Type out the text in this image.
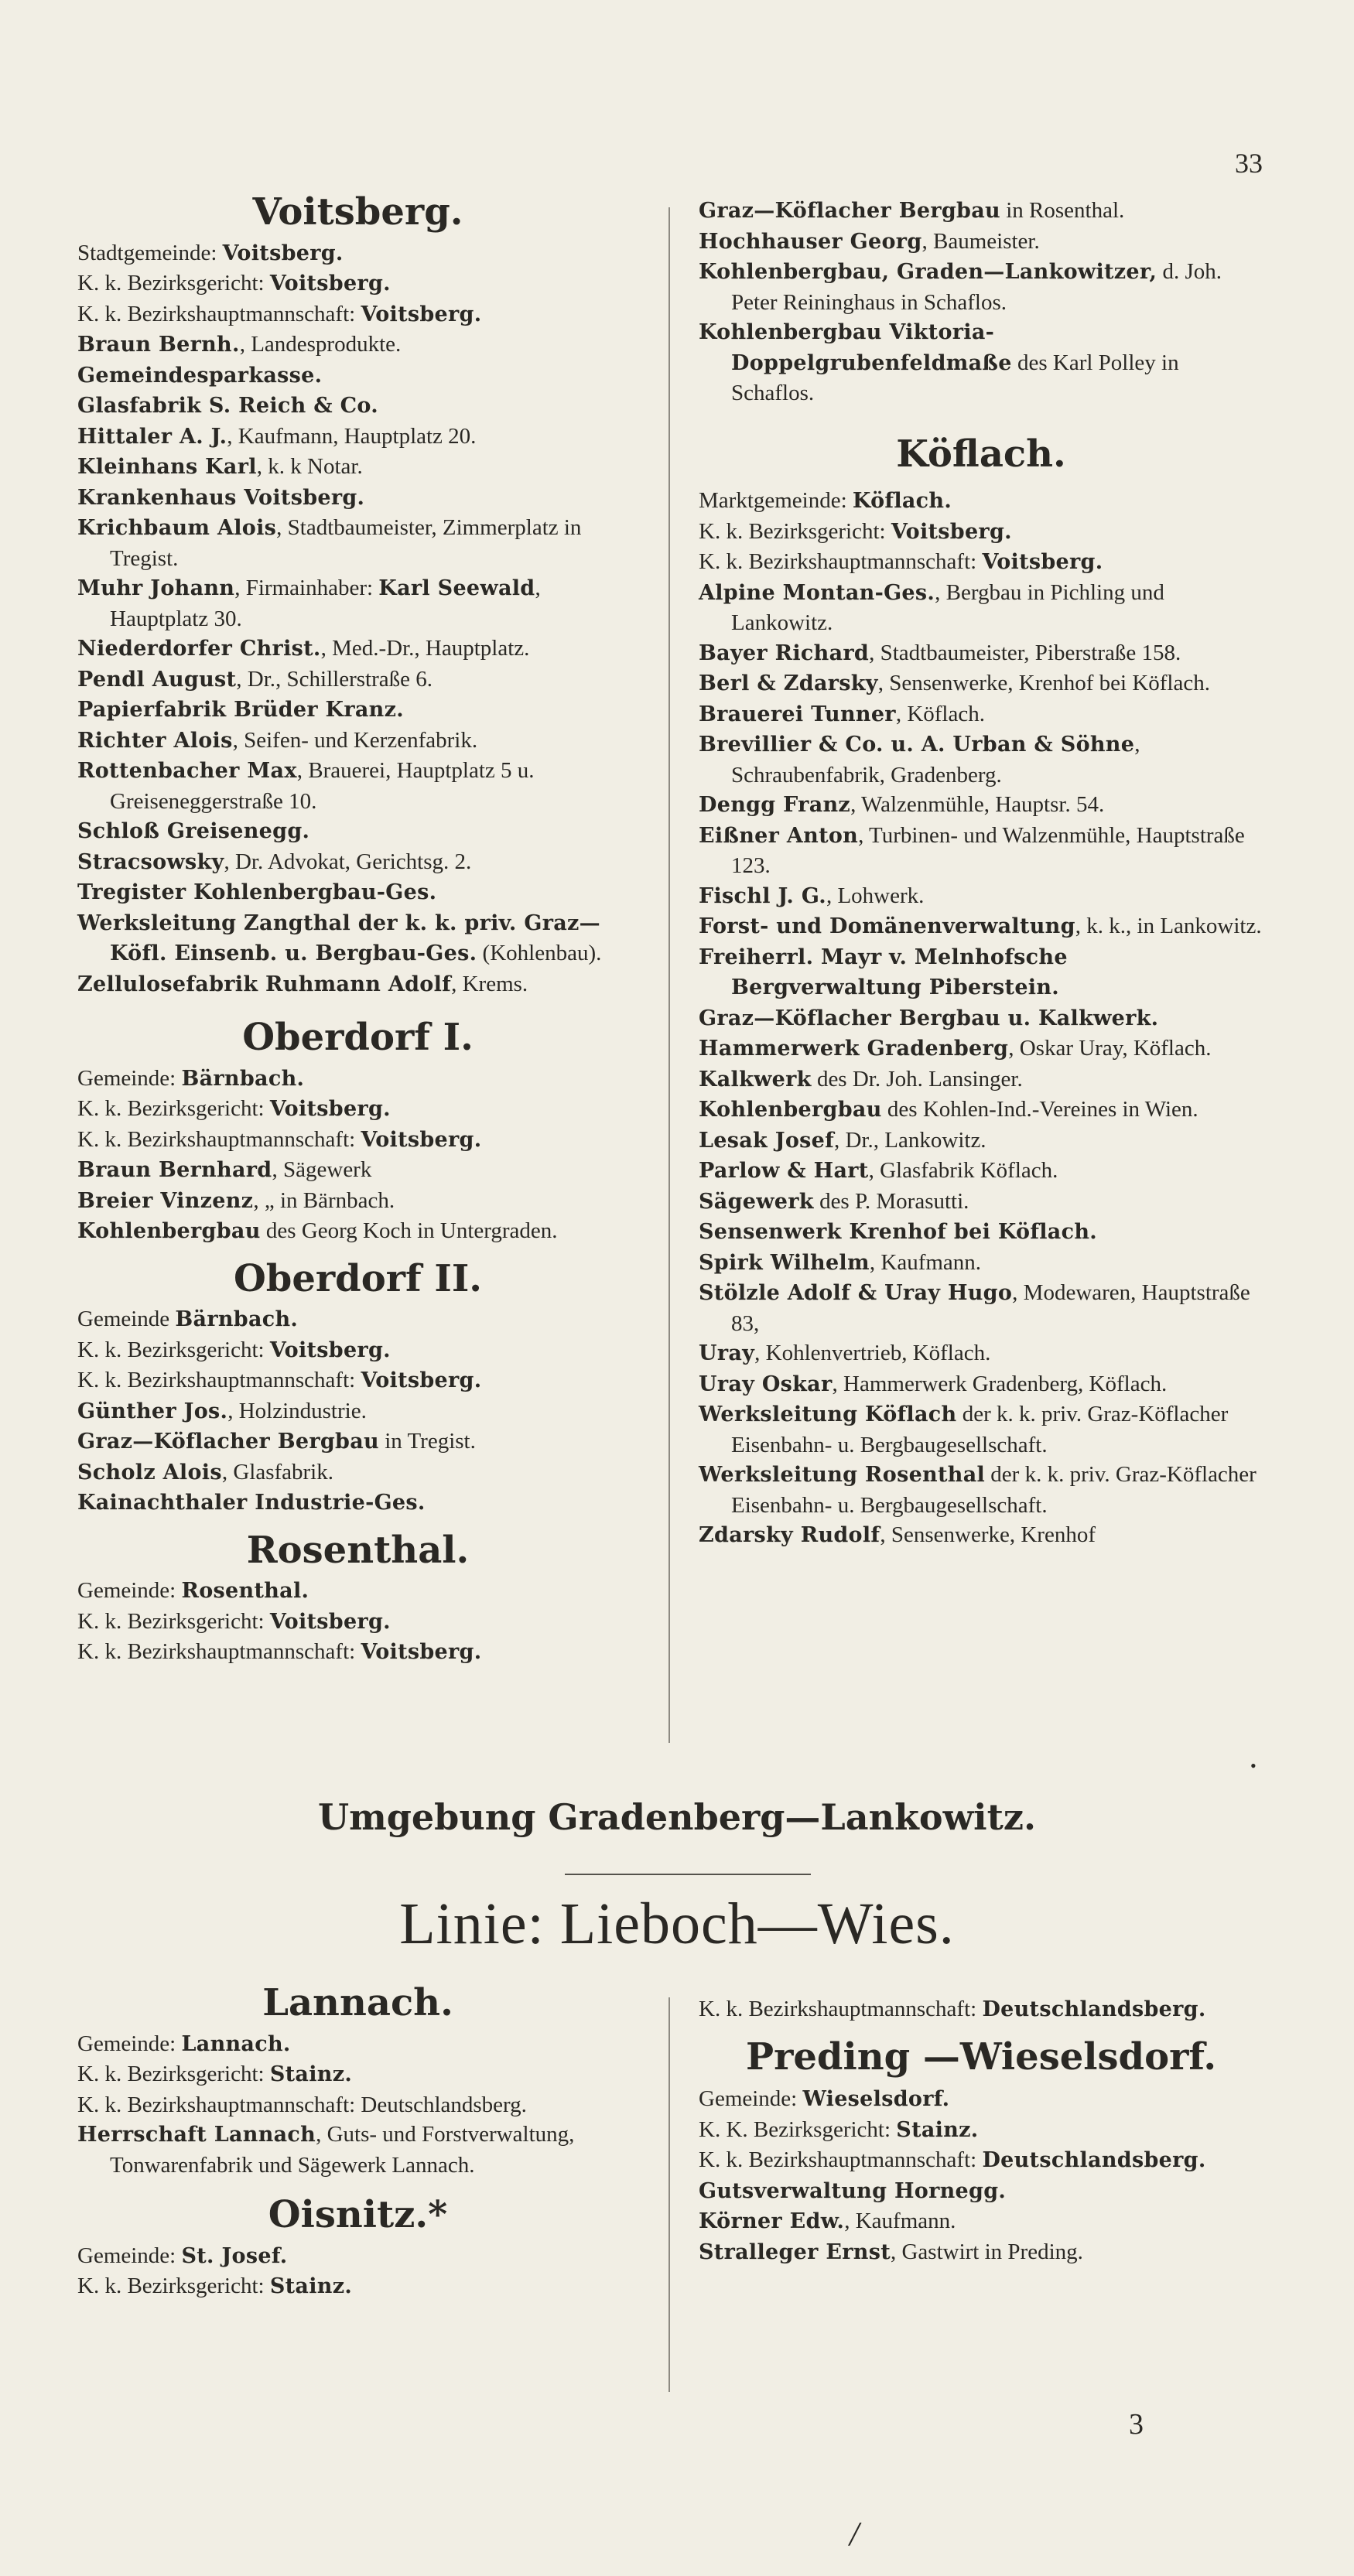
33
Voitsberg.

Stadtgemeinde: Voitsberg.

K. k. Bezirksgericht: Voitsberg.

K. k. Bezirkshauptmannschaft: Voitsberg.

Braun Bernh., Landesprodukte.

Gemeindesparkasse.

Glasfabrik S. Reich & Co.

Hittaler A. J., Kaufmann, Hauptplatz 20.

Kleinhans Karl, k. k Notar.

Krankenhaus Voitsberg.

Krichbaum Alois, Stadtbaumeister, Zimmerplatz in Tregist.

Muhr Johann, Firmainhaber: Karl Seewald, Hauptplatz 30.

Niederdorfer Christ., Med.-Dr., Hauptplatz.

Pendl August, Dr., Schillerstraße 6.

Papierfabrik Brüder Kranz.

Richter Alois, Seifen- und Kerzenfabrik.

Rottenbacher Max, Brauerei, Hauptplatz 5 u. Greiseneggerstraße 10.

Schloß Greisenegg.

Stracsowsky, Dr. Advokat, Gerichtsg. 2.

Tregister Kohlenbergbau-Ges.

Werksleitung Zangthal der k. k. priv. Graz—Köfl. Einsenb. u. Bergbau-Ges. (Kohlenbau).

Zellulosefabrik Ruhmann Adolf, Krems.

Oberdorf I.

Gemeinde: Bärnbach.

K. k. Bezirksgericht: Voitsberg.

K. k. Bezirkshauptmannschaft: Voitsberg.

Braun Bernhard, Sägewerk

Breier Vinzenz, „ in Bärnbach.

Kohlenbergbau des Georg Koch in Untergraden.

Oberdorf II.

Gemeinde Bärnbach.

K. k. Bezirksgericht: Voitsberg.

K. k. Bezirkshauptmannschaft: Voitsberg.

Günther Jos., Holzindustrie.

Graz—Köflacher Bergbau in Tregist.

Scholz Alois, Glasfabrik.

Kainachthaler Industrie-Ges.

Rosenthal.

Gemeinde: Rosenthal.

K. k. Bezirksgericht: Voitsberg.

K. k. Bezirkshauptmannschaft: Voitsberg.

Graz—Köflacher Bergbau in Rosenthal.

Hochhauser Georg, Baumeister.

Kohlenbergbau, Graden—Lankowitzer, d. Joh. Peter Reininghaus in Schaflos.

Kohlenbergbau Viktoria-Doppelgrubenfeldmaße des Karl Polley in Schaflos.

Köflach.

Marktgemeinde: Köflach.

K. k. Bezirksgericht: Voitsberg.

K. k. Bezirkshauptmannschaft: Voitsberg.

Alpine Montan-Ges., Bergbau in Pichling und Lankowitz.

Bayer Richard, Stadtbaumeister, Piberstraße 158.

Berl & Zdarsky, Sensenwerke, Krenhof bei Köflach.

Brauerei Tunner, Köflach.

Brevillier & Co. u. A. Urban & Söhne, Schraubenfabrik, Gradenberg.

Dengg Franz, Walzenmühle, Hauptsr. 54.

Eißner Anton, Turbinen- und Walzenmühle, Hauptstraße 123.

Fischl J. G., Lohwerk.

Forst- und Domänenverwaltung, k. k., in Lankowitz.

Freiherrl. Mayr v. Melnhofsche Bergverwaltung Piberstein.

Graz—Köflacher Bergbau u. Kalkwerk.

Hammerwerk Gradenberg, Oskar Uray, Köflach.

Kalkwerk des Dr. Joh. Lansinger.

Kohlenbergbau des Kohlen-Ind.-Vereines in Wien.

Lesak Josef, Dr., Lankowitz.

Parlow & Hart, Glasfabrik Köflach.

Sägewerk des P. Morasutti.

Sensenwerk Krenhof bei Köflach.

Spirk Wilhelm, Kaufmann.

Stölzle Adolf & Uray Hugo, Modewaren, Hauptstraße 83,

Uray, Kohlenvertrieb, Köflach.

Uray Oskar, Hammerwerk Gradenberg, Köflach.

Werksleitung Köflach der k. k. priv. Graz-Köflacher Eisenbahn- u. Bergbaugesellschaft.

Werksleitung Rosenthal der k. k. priv. Graz-Köflacher Eisenbahn- u. Bergbaugesellschaft.

Zdarsky Rudolf, Sensenwerke, Krenhof

Umgebung Gradenberg—Lankowitz.
Linie: Lieboch—Wies.
Lannach.

Gemeinde: Lannach.

K. k. Bezirksgericht: Stainz.

K. k. Bezirkshauptmannschaft: Deutschlandsberg.

Herrschaft Lannach, Guts- und Forstverwaltung, Tonwarenfabrik und Sägewerk Lannach.

Oisnitz.*

Gemeinde: St. Josef.

K. k. Bezirksgericht: Stainz.

K. k. Bezirkshauptmannschaft: Deutschlandsberg.

Preding —Wieselsdorf.

Gemeinde: Wieselsdorf.

K. K. Bezirksgericht: Stainz.

K. k. Bezirkshauptmannschaft: Deutschlandsberg.

Gutsverwaltung Hornegg.

Körner Edw., Kaufmann.

Stralleger Ernst, Gastwirt in Preding.

3
/
•
